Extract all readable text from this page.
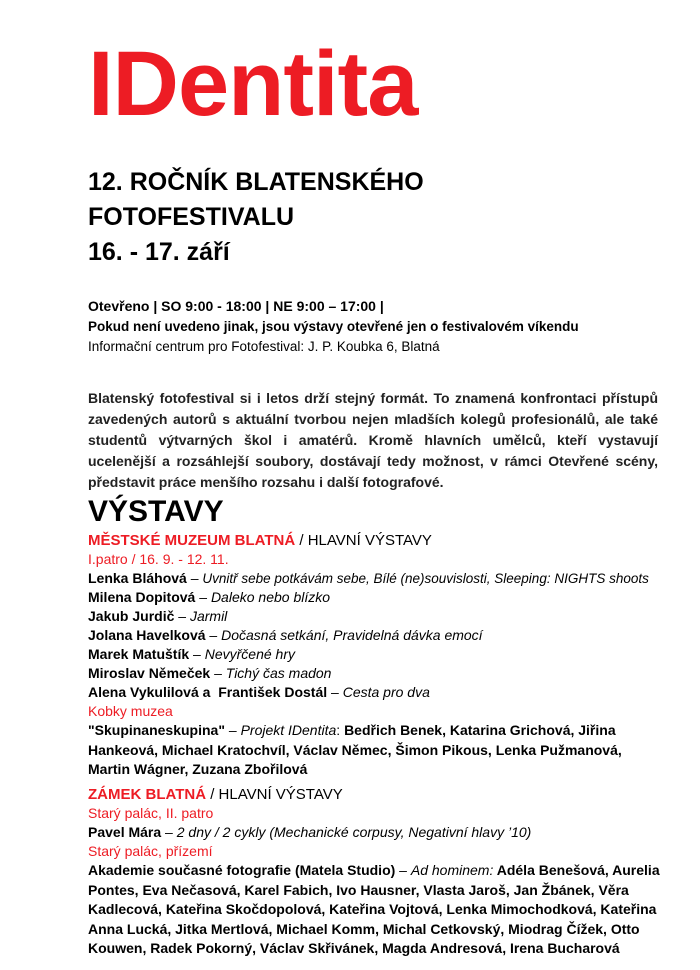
IDentita
12. ROČNÍK BLATENSKÉHO
FOTOFESTIVALU
16. - 17. září
Otevřeno | SO 9:00 - 18:00 | NE 9:00 – 17:00 |
Pokud není uvedeno jinak, jsou výstavy otevřené jen o festivalovém víkendu
Informační centrum pro Fotofestival: J. P. Koubka 6, Blatná

Blatenský fotofestival si i letos drží stejný formát. To znamená konfrontaci přístupů zavedených autorů s aktuální tvorbou nejen mladších kolegů profesionálů, ale také studentů výtvarných škol i amatérů. Kromě hlavních umělců, kteří vystavují ucelenější a rozsáhlejší soubory, dostávají tedy možnost, v rámci Otevřené scény, představit práce menšího rozsahu i další fotografové.

VÝSTAVY
MĚSTSKÉ MUZEUM BLATNÁ / HLAVNÍ VÝSTAVY
I.patro / 16. 9. - 12. 11.
Lenka Bláhová – Uvnitř sebe potkávám sebe, Bílé (ne)souvislosti, Sleeping: NIGHTS shoots
Milena Dopitová – Daleko nebo blízko
Jakub Jurdič – Jarmil
Jolana Havelková – Dočasná setkání, Pravidelná dávka emocí
Marek Matuštík – Nevyřčené hry
Miroslav Němeček – Tichý čas madon
Alena Vykulilová a  František Dostál – Cesta pro dva
Kobky muzea
"Skupinaneskupina" – Projekt IDentita: Bedřich Benek, Katarina Grichová, Jiřina Hankeová, Michael Kratochvíl, Václav Němec, Šimon Pikous, Lenka Pužmanová, Martin Wágner, Zuzana Zbořilová
ZÁMEK BLATNÁ / HLAVNÍ VÝSTAVY
Starý palác, II. patro
Pavel Mára – 2 dny / 2 cykly (Mechanické corpusy, Negativní hlavy ’10)
Starý palác, přízemí
Akademie současné fotografie (Matela Studio) – Ad hominem: Adéla Benešová, Aurelia Pontes, Eva Nečasová, Karel Fabich, Ivo Hausner, Vlasta Jaroš, Jan Žbánek, Věra Kadlecová, Kateřina Skočdopolová, Kateřina Vojtová, Lenka Mimochodková, Kateřina Anna Lucká, Jitka Mertlová, Michael Komm, Michal Cetkovský, Miodrag Čížek, Otto Kouwen, Radek Pokorný, Václav Skřivánek, Magda Andresová, Irena Bucharová
